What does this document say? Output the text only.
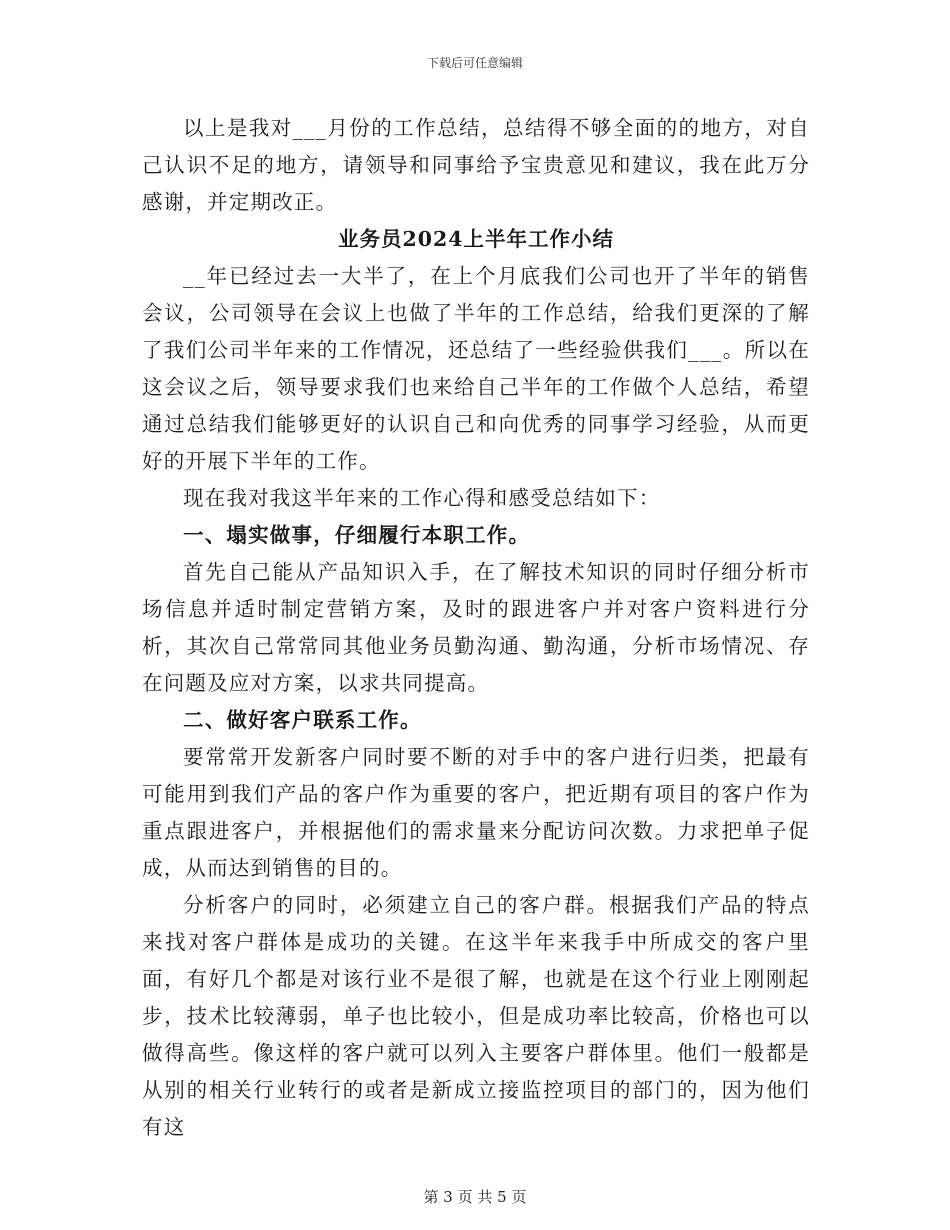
下载后可任意编辑

以上是我对___月份的工作总结，总结得不够全面的的地方，对自己认识不足的地方，请领导和同事给予宝贵意见和建议，我在此万分感谢，并定期改正。

业务员2024上半年工作小结

__年已经过去一大半了，在上个月底我们公司也开了半年的销售会议，公司领导在会议上也做了半年的工作总结，给我们更深的了解了我们公司半年来的工作情况，还总结了一些经验供我们___。所以在这会议之后，领导要求我们也来给自己半年的工作做个人总结，希望通过总结我们能够更好的认识自己和向优秀的同事学习经验，从而更好的开展下半年的工作。

现在我对我这半年来的工作心得和感受总结如下：

一、塌实做事，仔细履行本职工作。

首先自己能从产品知识入手，在了解技术知识的同时仔细分析市场信息并适时制定营销方案，及时的跟进客户并对客户资料进行分析，其次自己常常同其他业务员勤沟通、勤沟通，分析市场情况、存在问题及应对方案，以求共同提高。

二、做好客户联系工作。

要常常开发新客户同时要不断的对手中的客户进行归类，把最有可能用到我们产品的客户作为重要的客户，把近期有项目的客户作为重点跟进客户，并根据他们的需求量来分配访问次数。力求把单子促成，从而达到销售的目的。

分析客户的同时，必须建立自己的客户群。根据我们产品的特点来找对客户群体是成功的关键。在这半年来我手中所成交的客户里面，有好几个都是对该行业不是很了解，也就是在这个行业上刚刚起步，技术比较薄弱，单子也比较小，但是成功率比较高，价格也可以做得高些。像这样的客户就可以列入主要客户群体里。他们一般都是从别的相关行业转行的或者是新成立接监控项目的部门的，因为他们有这

第 3 页 共 5 页
